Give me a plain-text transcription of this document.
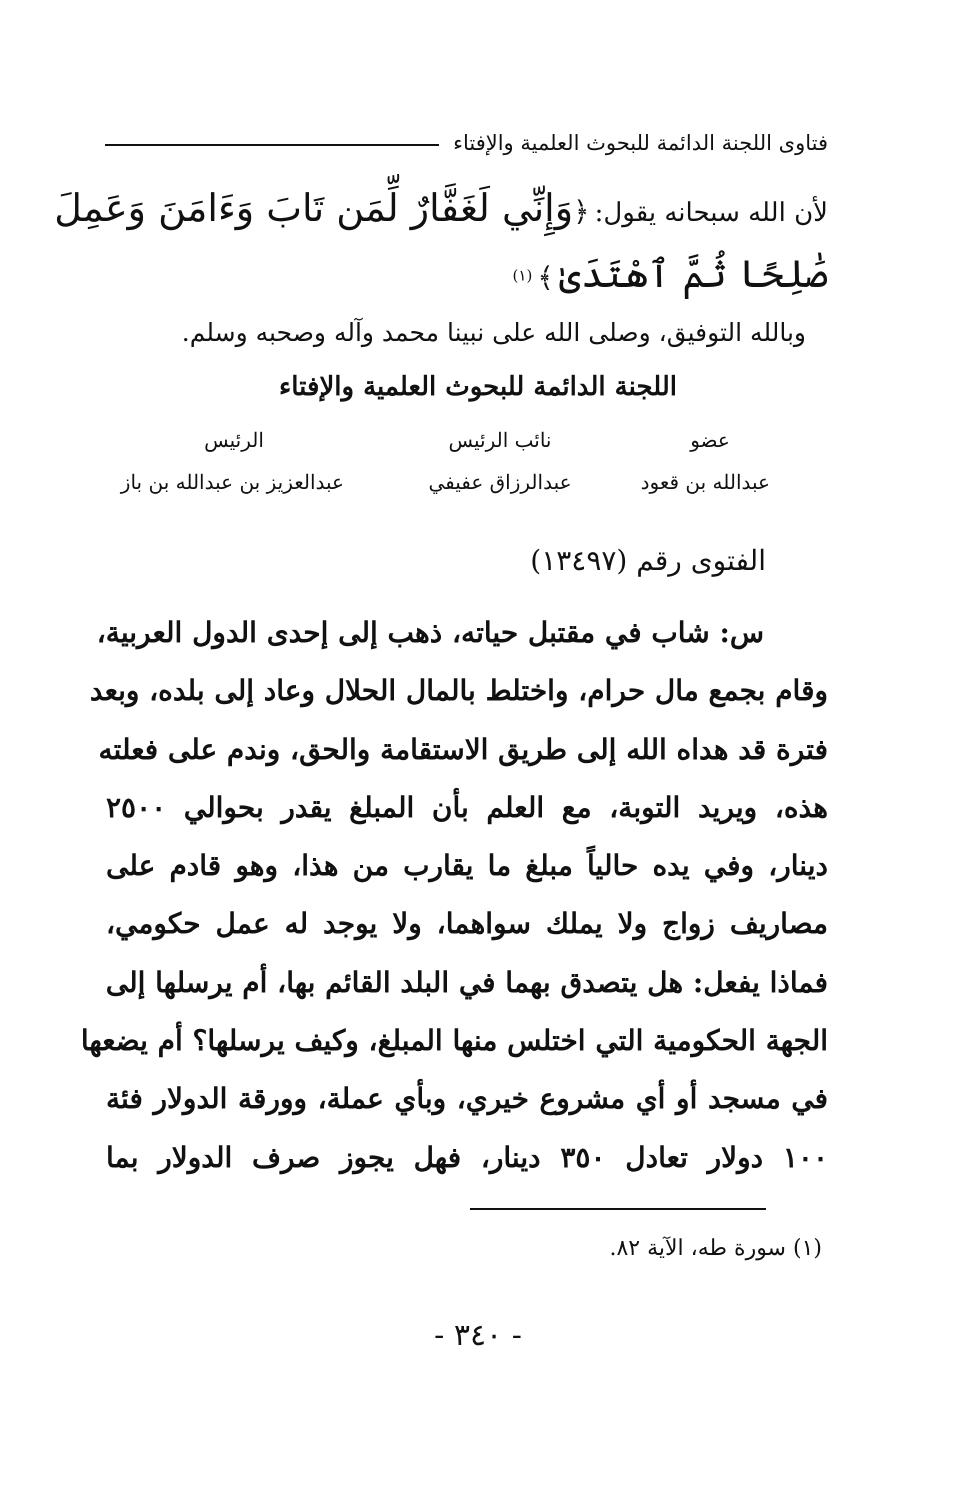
فتاوى اللجنة الدائمة للبحوث العلمية والإفتاء
لأن الله سبحانه يقول: ﴿
وَإِنِّي لَغَفَّارٌ لِّمَن تَابَ وَءَامَنَ وَعَمِلَ
صَٰلِحًا ثُمَّ ٱهْتَدَىٰ ﴾ (١)
وبالله التوفيق، وصلى الله على نبينا محمد وآله وصحبه وسلم.
اللجنة الدائمة للبحوث العلمية والإفتاء
عضو
عبدالله بن قعود
نائب الرئيس
عبدالرزاق عفيفي
الرئيس
عبدالعزيز بن عبدالله بن باز
الفتوى رقم (١٣٤٩٧)
س: شاب في مقتبل حياته، ذهب إلى إحدى الدول العربية،
وقام بجمع مال حرام، واختلط بالمال الحلال وعاد إلى بلده، وبعد
فترة قد هداه الله إلى طريق الاستقامة والحق، وندم على فعلته
هذه، ويريد التوبة، مع العلم بأن المبلغ يقدر بحوالي ٢٥٠٠
دينار، وفي يده حالياً مبلغ ما يقارب من هذا، وهو قادم على
مصاريف زواج ولا يملك سواهما، ولا يوجد له عمل حكومي،
فماذا يفعل: هل يتصدق بهما في البلد القائم بها، أم يرسلها إلى
الجهة الحكومية التي اختلس منها المبلغ، وكيف يرسلها؟ أم يضعها
في مسجد أو أي مشروع خيري، وبأي عملة، وورقة الدولار فئة
١٠٠ دولار تعادل ٣٥٠ دينار، فهل يجوز صرف الدولار بما
(١) سورة طه، الآية ٨٢.
- ٣٤٠ -
